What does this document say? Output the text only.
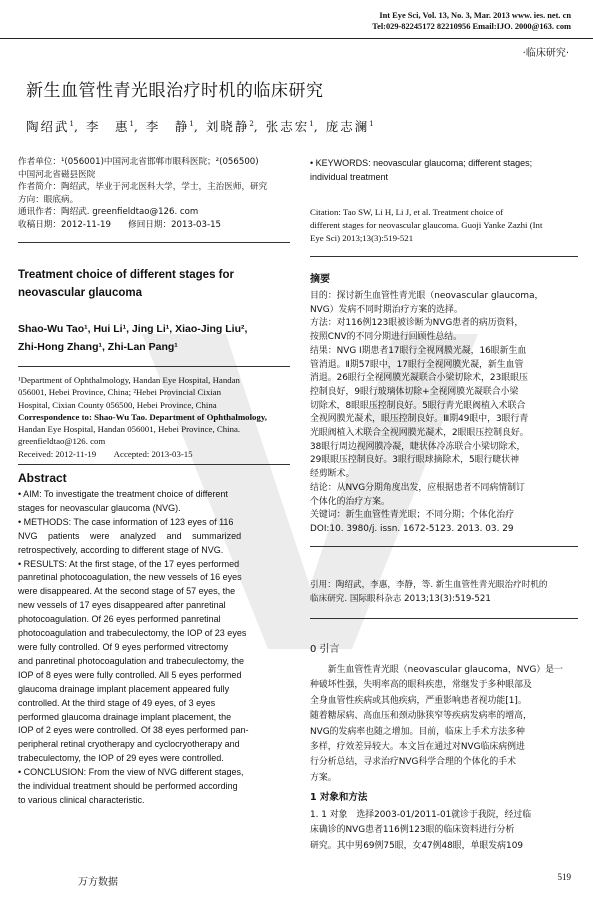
Int Eye Sci, Vol. 13, No. 3, Mar. 2013 www. ies. net. cn
Tel:029-82245172 82210956 Email:IJO. 2000@163. com
·临床研究·
新生血管性青光眼治疗时机的临床研究
陶绍武$^1$, 李　惠$^1$, 李　静$^1$, 刘晓静$^2$, 张志宏$^1$, 庞志澜$^1$
作者单位：¹(056001)中国河北省邯郸市眼科医院；²(056500)
中国河北省磁县医院
作者简介：陶绍武，毕业于河北医科大学，学士，主治医师，研究
方向：眼底病。
通讯作者：陶绍武. greenfieldtao@126. com
收稿日期：2012-11-19　　修回日期：2013-03-15
Treatment choice of different stages for
neovascular glaucoma
Shao-Wu Tao¹, Hui Li¹, Jing Li¹, Xiao-Jing Liu²,
Zhi-Hong Zhang¹, Zhi-Lan Pang¹
¹Department of Ophthalmology, Handan Eye Hospital, Handan
056001, Hebei Province, China; ²Hebei Provincial Cixian
Hospital, Cixian County 056500, Hebei Province, China
Correspondence to: Shao-Wu Tao. Department of Ophthalmology,
Handan Eye Hospital, Handan 056001, Hebei Province, China.
greenfieldtao@126. com
Received: 2012-11-19　　Accepted: 2013-03-15
Abstract
• AIM: To investigate the treatment choice of different
stages for neovascular glaucoma (NVG).
• METHODS: The case information of 123 eyes of 116
NVG patients were analyzed and summarized
retrospectively, according to different stage of NVG.
• RESULTS: At the first stage, of the 17 eyes performed
panretinal photocoagulation, the new vessels of 16 eyes
were disappeared. At the second stage of 57 eyes, the
new vessels of 17 eyes disappeared after panretinal
photocoagulation. Of 26 eyes performed panretinal
photocoagulation and trabeculectomy, the IOP of 23 eyes
were fully controlled. Of 9 eyes performed vitrectomy
and panretinal photocoagulation and trabeculectomy, the
IOP of 8 eyes were fully controlled. All 5 eyes performed
glaucoma drainage implant placement appeared fully
controlled. At the third stage of 49 eyes, of 3 eyes
performed glaucoma drainage implant placement, the
IOP of 2 eyes were controlled. Of 38 eyes performed pan-
peripheral retinal cryotherapy and cyclocryotherapy and
trabeculectomy, the IOP of 29 eyes were controlled.
• CONCLUSION: From the view of NVG different stages,
the individual treatment should be performed according
to various clinical characteristic.
• KEYWORDS: neovascular glaucoma; different stages;
individual treatment
Citation: Tao SW, Li H, Li J, et al. Treatment choice of
different stages for neovascular glaucoma. Guoji Yanke Zazhi (Int
Eye Sci) 2013;13(3):519-521
摘要
目的：探讨新生血管性青光眼（neovascular glaucoma，
NVG）发病不同时期治疗方案的选择。
方法：对116例123眼被诊断为NVG患者的病历资料，
按照CNV的不同分期进行回顾性总结。
结果：NVG Ⅰ期患者17眼行全视网膜光凝，16眼新生血
管消退。Ⅱ期57眼中，17眼行全视网膜光凝，新生血管
消退。26眼行全视网膜光凝联合小梁切除术，23眼眼压
控制良好，9眼行玻璃体切除+全视网膜光凝联合小梁
切除术，8眼眼压控制良好。5眼行青光眼阀植入术联合
全视网膜光凝术，眼压控制良好。Ⅲ期49眼中，3眼行青
光眼阀植入术联合全视网膜光凝术，2眼眼压控制良好。
38眼行周边视网膜冷凝，睫状体冷冻联合小梁切除术，
29眼眼压控制良好。3眼行眼球摘除术，5眼行睫状神
经剪断术。
结论：从NVG分期角度出发，应根据患者不同病情制订
个体化的治疗方案。
关键词：新生血管性青光眼；不同分期；个体化治疗
DOI:10. 3980/j. issn. 1672-5123. 2013. 03. 29
引用：陶绍武，李惠，李静，等. 新生血管性青光眼治疗时机的
临床研究. 国际眼科杂志 2013;13(3):519-521
0 引言
　　新生血管性青光眼（neovascular glaucoma，NVG）是一
种破坏性强，失明率高的眼科疾患，常继发于多种眼部及
全身血管性疾病或其他疾病，严重影响患者视功能[1]。
随着糖尿病、高血压和颈动脉狭窄等疾病发病率的增高，
NVG的发病率也随之增加。目前，临床上手术方法多种
多样，疗效差异较大。本文旨在通过对NVG临床病例进
行分析总结，寻求治疗NVG科学合理的个体化的手术
方案。
1 对象和方法
1. 1 对象　选择2003-01/2011-01就诊于我院，经过临
床确诊的NVG患者116例123眼的临床资料进行分析
研究。其中男69例75眼，女47例48眼，单眼发病109
万方数据	519
